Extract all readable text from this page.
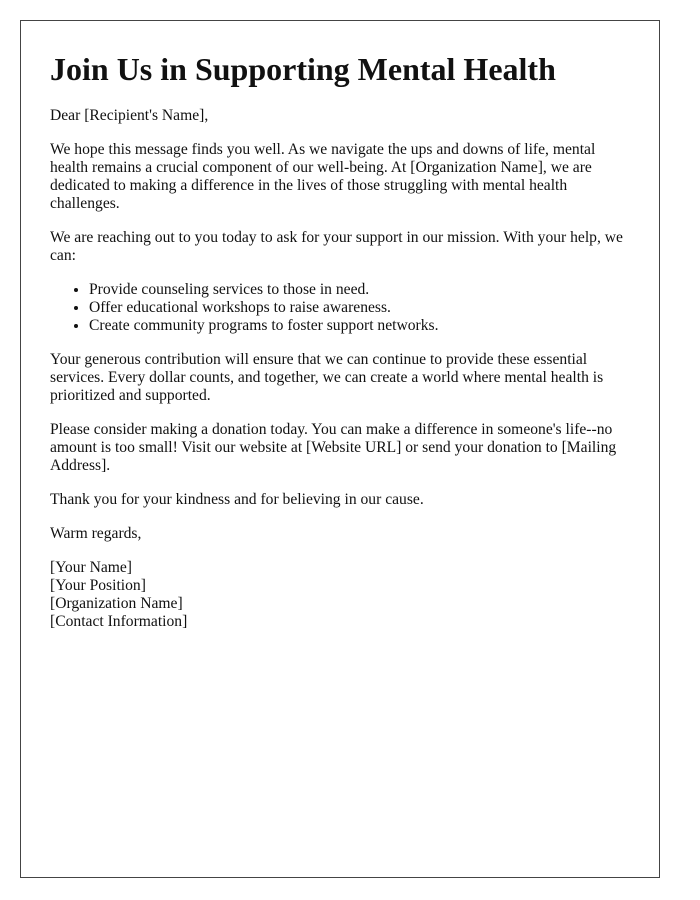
Join Us in Supporting Mental Health

Dear [Recipient's Name],

We hope this message finds you well. As we navigate the ups and downs of life, mental health remains a crucial component of our well-being. At [Organization Name], we are dedicated to making a difference in the lives of those struggling with mental health challenges.

We are reaching out to you today to ask for your support in our mission. With your help, we can:

• Provide counseling services to those in need.
• Offer educational workshops to raise awareness.
• Create community programs to foster support networks.

Your generous contribution will ensure that we can continue to provide these essential services. Every dollar counts, and together, we can create a world where mental health is prioritized and supported.

Please consider making a donation today. You can make a difference in someone's life--no amount is too small! Visit our website at [Website URL] or send your donation to [Mailing Address].

Thank you for your kindness and for believing in our cause.

Warm regards,

[Your Name]
[Your Position]
[Organization Name]
[Contact Information]
